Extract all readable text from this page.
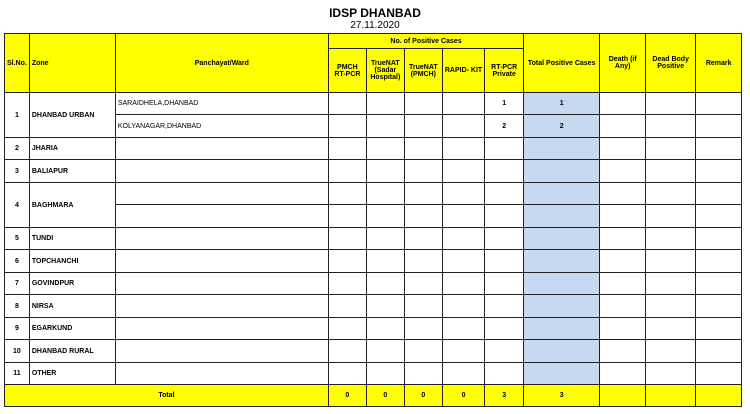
IDSP DHANBAD
27.11.2020
Sl.No.	Zone	Panchayat/Ward	No. of Positive Cases					Total Positive Cases	Death (if Any)	Dead Body Positive	Remark
			PMCH RT-PCR	TrueNAT (Sadar Hospital)	TrueNAT (PMCH)	RAPID- KIT	RT-PCR Private				
1	DHANBAD URBAN	SARAIDHELA,DHANBAD					1	1			
		KOLYANAGAR,DHANBAD					2	2			
2	JHARIA										
3	BALIAPUR										
4	BAGHMARA										

5	TUNDI										
6	TOPCHANCHI										
7	GOVINDPUR										
8	NIRSA										
9	EGARKUND										
10	DHANBAD RURAL										
11	OTHER										
Total			0	0	0	0	3	3			
